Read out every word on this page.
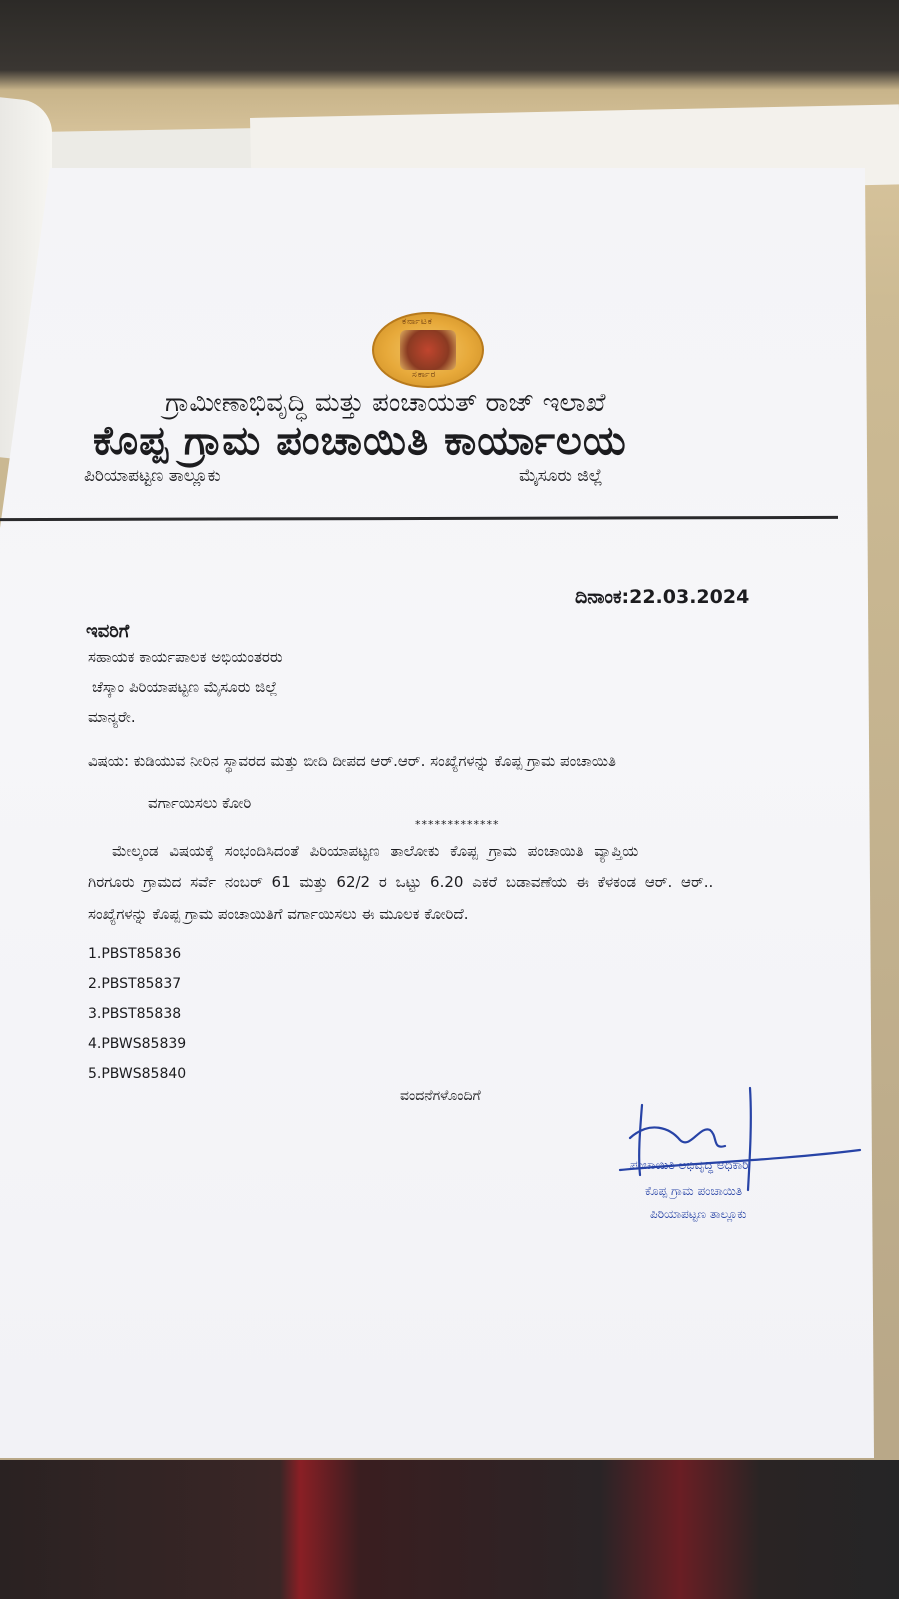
ಕರ್ನಾಟಕ
ಸರ್ಕಾರ
ಗ್ರಾಮೀಣಾಭಿವೃದ್ಧಿ ಮತ್ತು ಪಂಚಾಯತ್ ರಾಜ್ ಇಲಾಖೆ
ಕೊಪ್ಪ ಗ್ರಾಮ ಪಂಚಾಯಿತಿ ಕಾರ್ಯಾಲಯ
ಪಿರಿಯಾಪಟ್ಟಣ ತಾಲ್ಲೂಕು	ಮೈಸೂರು ಜಿಲ್ಲೆ
ದಿನಾಂಕ:22.03.2024
ಇವರಿಗೆ
ಸಹಾಯಕ ಕಾರ್ಯಪಾಲಕ ಅಭಿಯಂತರರು
ಚೆಸ್ಕಾಂ ಪಿರಿಯಾಪಟ್ಟಣ ಮೈಸೂರು ಜಿಲ್ಲೆ
ಮಾನ್ಯರೇ.
ವಿಷಯ: ಕುಡಿಯುವ ನೀರಿನ ಸ್ಥಾವರದ ಮತ್ತು ಬೀದಿ ದೀಪದ ಆರ್.ಆರ್. ಸಂಖ್ಯೆಗಳನ್ನು ಕೊಪ್ಪ ಗ್ರಾಮ ಪಂಚಾಯಿತಿ
ವರ್ಗಾಯಿಸಲು ಕೋರಿ
*************
ಮೇಲ್ಕಂಡ ವಿಷಯಕ್ಕೆ ಸಂಭಂದಿಸಿದಂತೆ ಪಿರಿಯಾಪಟ್ಟಣ ತಾಲೋಕು ಕೊಪ್ಪ ಗ್ರಾಮ ಪಂಚಾಯಿತಿ ವ್ಯಾಪ್ತಿಯ
ಗಿರಗೂರು ಗ್ರಾಮದ ಸರ್ವೆ ನಂಬರ್ 61 ಮತ್ತು 62/2 ರ ಒಟ್ಟು 6.20 ಎಕರೆ ಬಡಾವಣೆಯ ಈ ಕೆಳಕಂಡ ಆರ್. ಆರ್..
ಸಂಖ್ಯೆಗಳನ್ನು ಕೊಪ್ಪ ಗ್ರಾಮ ಪಂಚಾಯಿತಿಗೆ ವರ್ಗಾಯಿಸಲು ಈ ಮೂಲಕ ಕೋರಿದೆ.
1.PBST85836
2.PBST85837
3.PBST85838
4.PBWS85839
5.PBWS85840
ವಂದನೆಗಳೊಂದಿಗೆ
ಪಂಚಾಯಿತಿ ಅಭಿವೃದ್ಧಿ ಅಧಿಕಾರಿ
ಕೊಪ್ಪ ಗ್ರಾಮ ಪಂಚಾಯಿತಿ
ಪಿರಿಯಾಪಟ್ಟಣ ತಾಲ್ಲೂಕು
